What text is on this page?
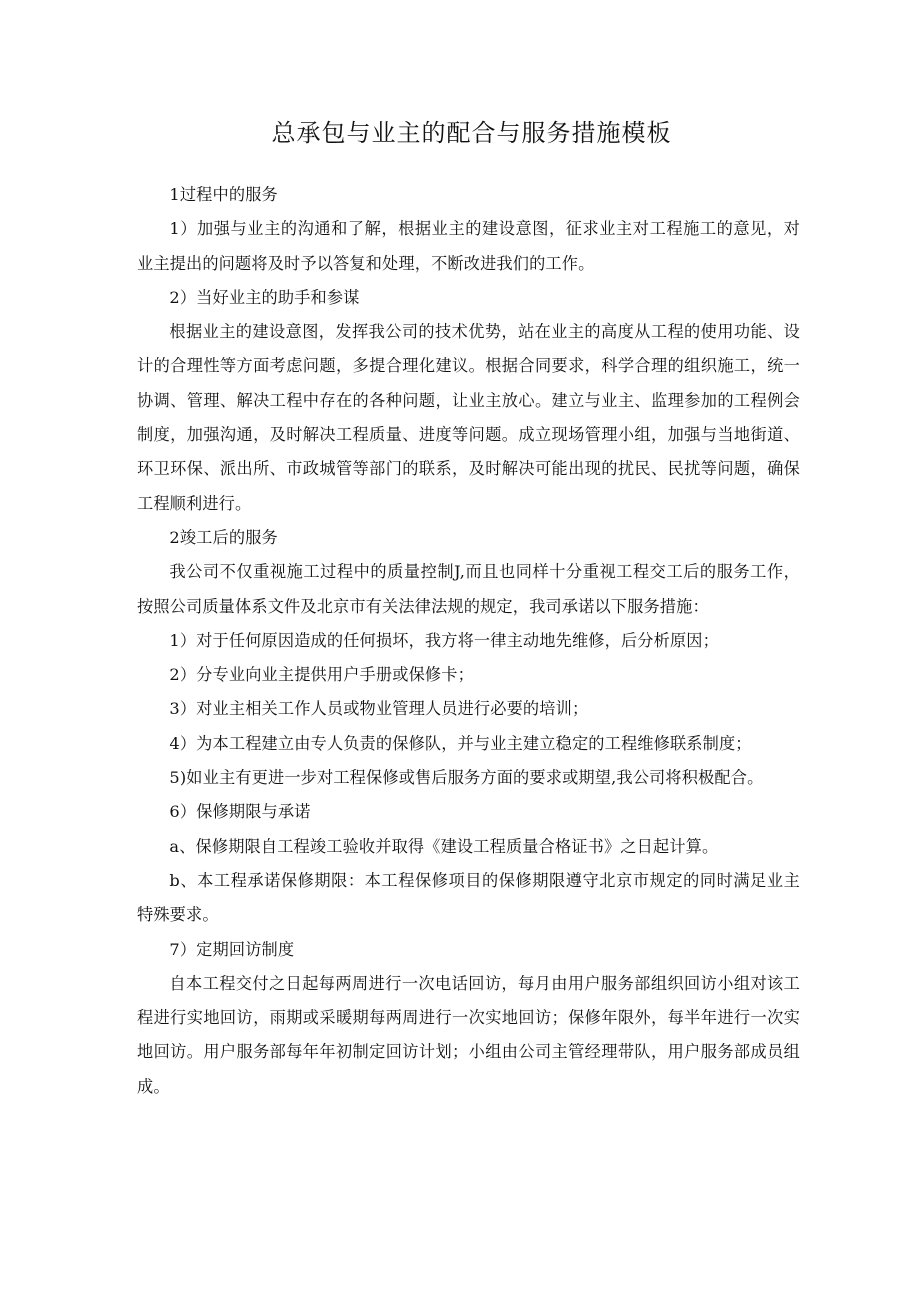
总承包与业主的配合与服务措施模板

1过程中的服务

1）加强与业主的沟通和了解，根据业主的建设意图，征求业主对工程施工的意见，对业主提出的问题将及时予以答复和处理，不断改进我们的工作。

2）当好业主的助手和参谋

根据业主的建设意图，发挥我公司的技术优势，站在业主的高度从工程的使用功能、设计的合理性等方面考虑问题，多提合理化建议。根据合同要求，科学合理的组织施工，统一协调、管理、解决工程中存在的各种问题，让业主放心。建立与业主、监理参加的工程例会制度，加强沟通，及时解决工程质量、进度等问题。成立现场管理小组，加强与当地街道、环卫环保、派出所、市政城管等部门的联系，及时解决可能出现的扰民、民扰等问题，确保工程顺利进行。

2竣工后的服务

我公司不仅重视施工过程中的质量控制J,而且也同样十分重视工程交工后的服务工作，按照公司质量体系文件及北京市有关法律法规的规定，我司承诺以下服务措施：

1）对于任何原因造成的任何损坏，我方将一律主动地先维修，后分析原因；

2）分专业向业主提供用户手册或保修卡；

3）对业主相关工作人员或物业管理人员进行必要的培训；

4）为本工程建立由专人负责的保修队，并与业主建立稳定的工程维修联系制度；

5)如业主有更进一步对工程保修或售后服务方面的要求或期望,我公司将积极配合。

6）保修期限与承诺

a、保修期限自工程竣工验收并取得《建设工程质量合格证书》之日起计算。

b、本工程承诺保修期限：本工程保修项目的保修期限遵守北京市规定的同时满足业主特殊要求。

7）定期回访制度

自本工程交付之日起每两周进行一次电话回访，每月由用户服务部组织回访小组对该工程进行实地回访，雨期或采暖期每两周进行一次实地回访；保修年限外，每半年进行一次实地回访。用户服务部每年年初制定回访计划；小组由公司主管经理带队，用户服务部成员组成。
